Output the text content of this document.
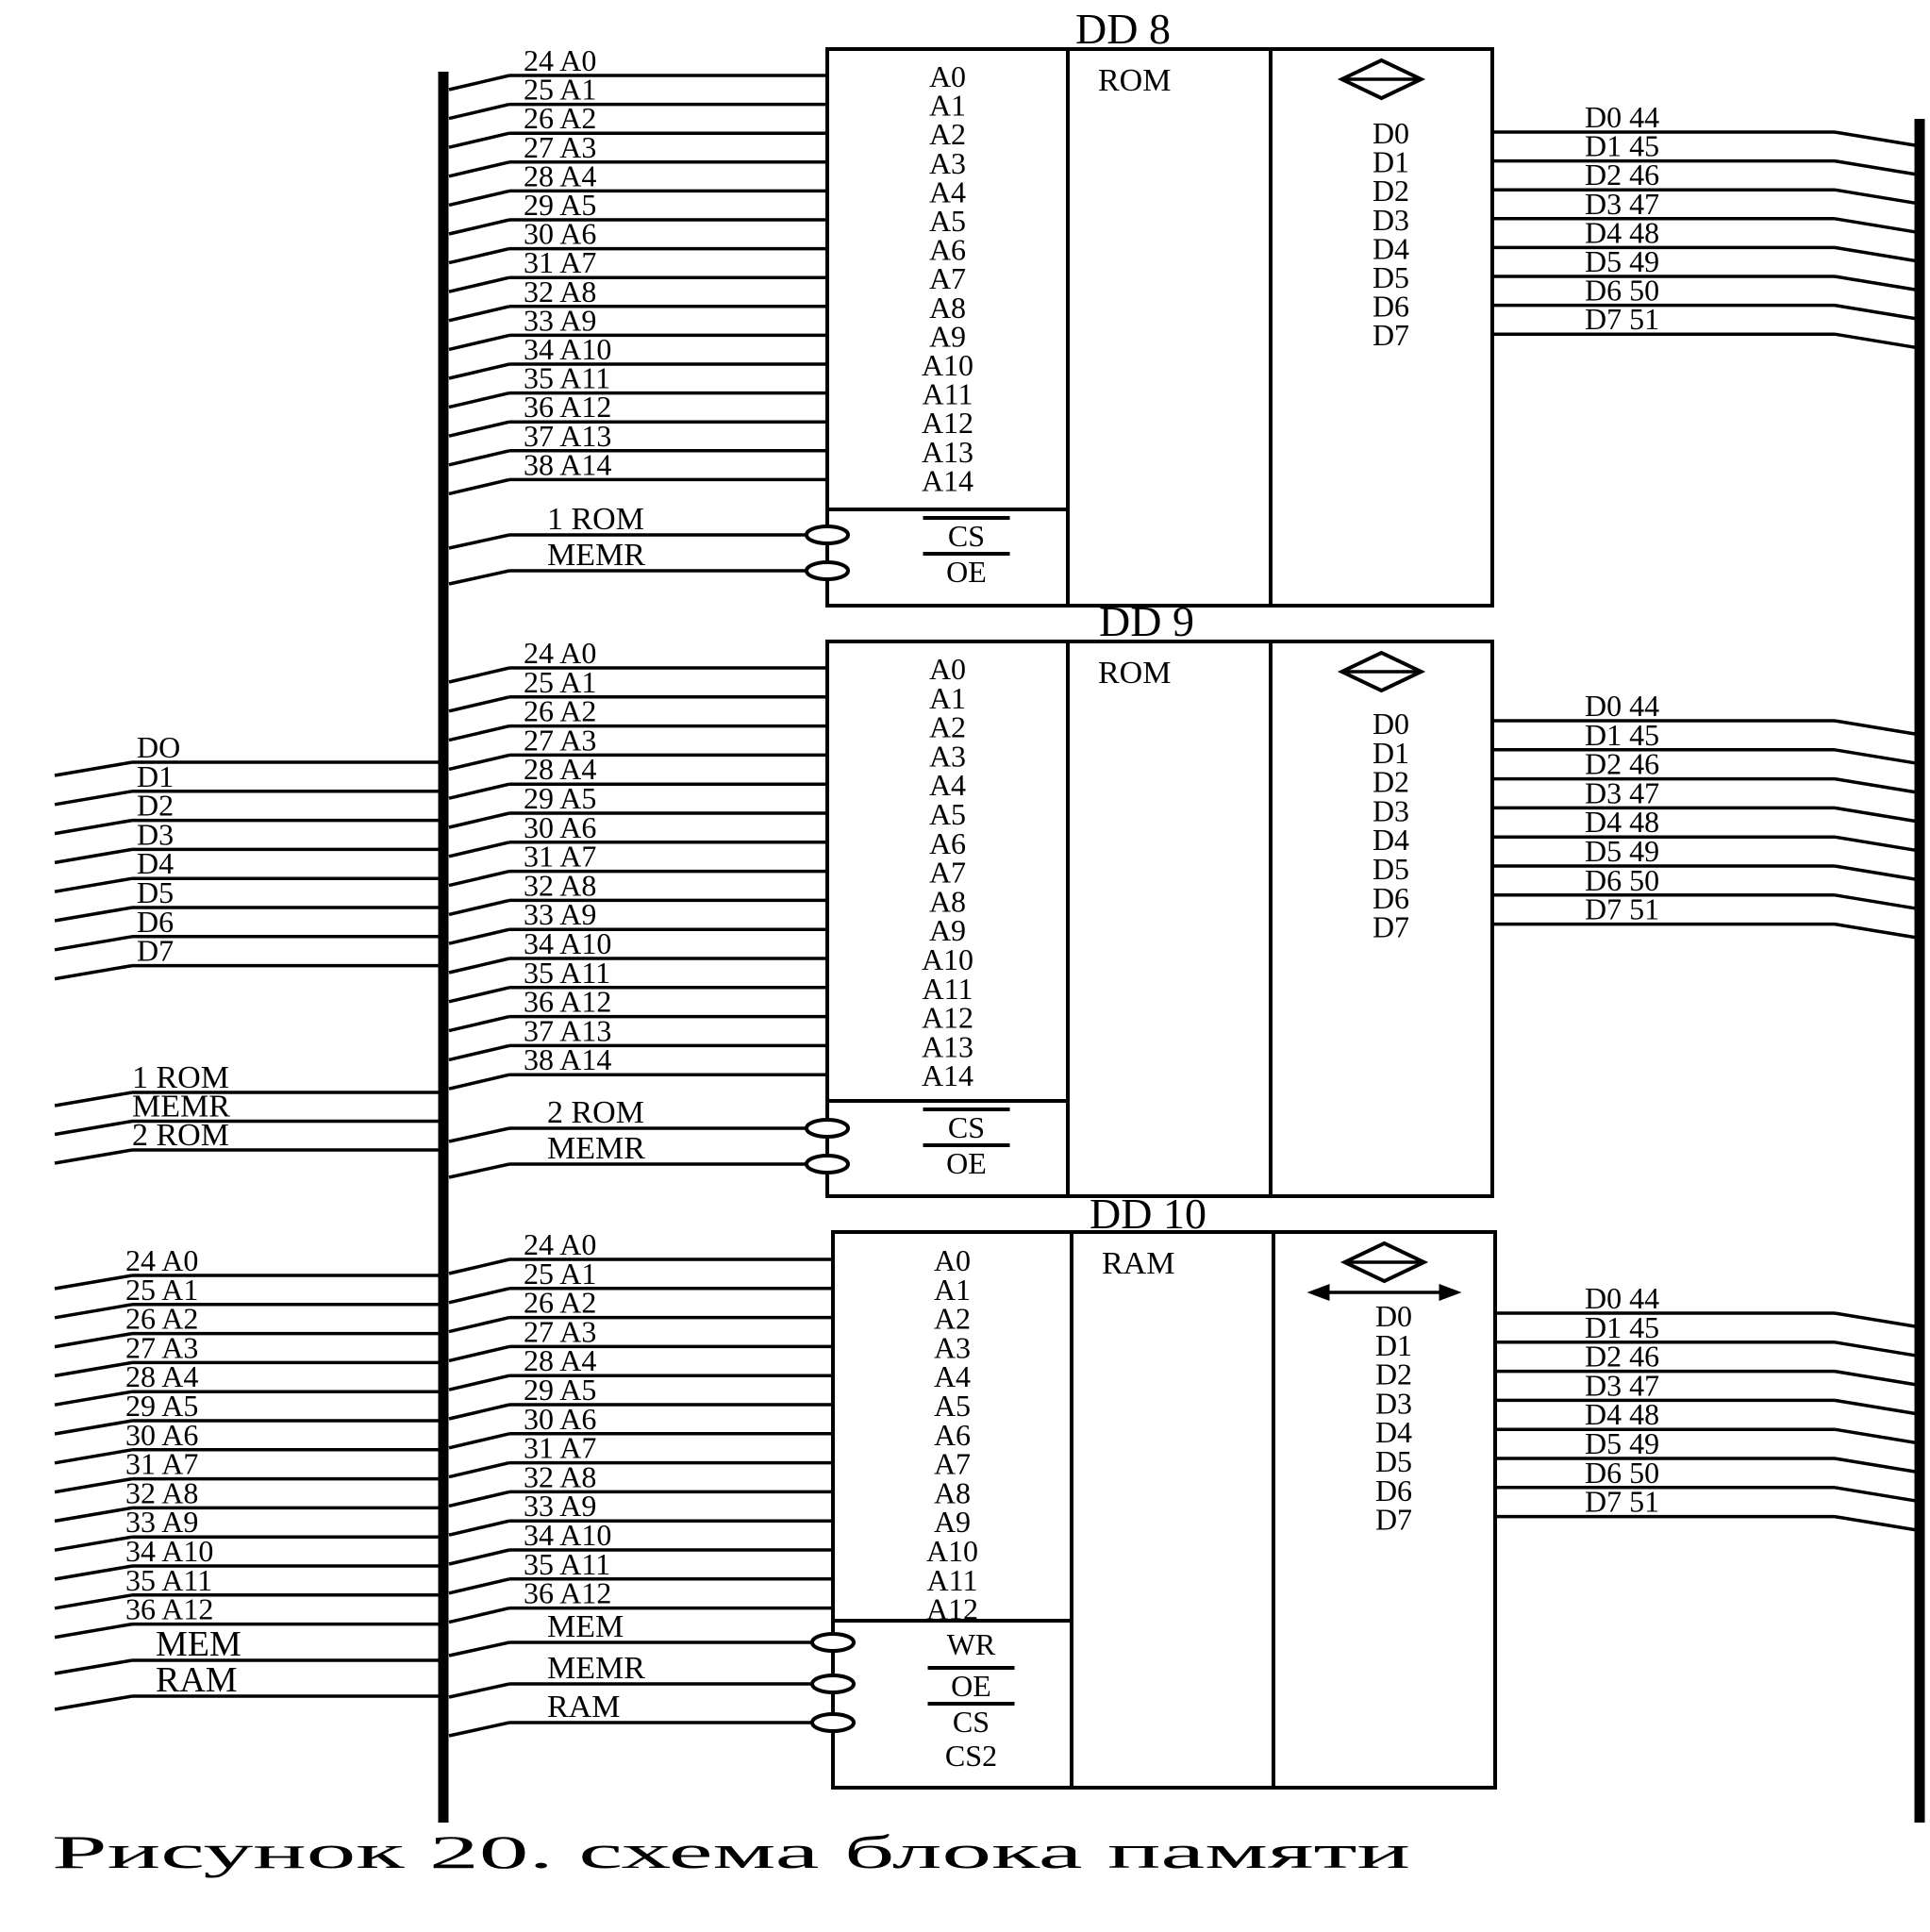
DD 8
ROM
A0
A1
A2
A3
A4
A5
A6
A7
A8
A9
A10
A11
A12
A13
A14
24 A0
25 A1
26 A2
27 A3
28 A4
29 A5
30 A6
31 A7
32 A8
33 A9
34 A10
35 A11
36 A12
37 A13
38 A14
CS
OE
1 ROM
MEMR
D0
D1
D2
D3
D4
D5
D6
D7
D0 44
D1 45
D2 46
D3 47
D4 48
D5 49
D6 50
D7 51
DD 9
ROM
A0
A1
A2
A3
A4
A5
A6
A7
A8
A9
A10
A11
A12
A13
A14
24 A0
25 A1
26 A2
27 A3
28 A4
29 A5
30 A6
31 A7
32 A8
33 A9
34 A10
35 A11
36 A12
37 A13
38 A14
CS
OE
2 ROM
MEMR
D0
D1
D2
D3
D4
D5
D6
D7
D0 44
D1 45
D2 46
D3 47
D4 48
D5 49
D6 50
D7 51
DD 10
RAM
A0
A1
A2
A3
A4
A5
A6
A7
A8
A9
A10
A11
A12
24 A0
25 A1
26 A2
27 A3
28 A4
29 A5
30 A6
31 A7
32 A8
33 A9
34 A10
35 A11
36 A12
WR
OE
CS
CS2
MEM
MEMR
RAM
D0
D1
D2
D3
D4
D5
D6
D7
D0 44
D1 45
D2 46
D3 47
D4 48
D5 49
D6 50
D7 51
DO
D1
D2
D3
D4
D5
D6
D7
1 ROM
MEMR
2 ROM
24 A0
25 A1
26 A2
27 A3
28 A4
29 A5
30 A6
31 A7
32 A8
33 A9
34 A10
35 A11
36 A12
MEM
RAM
Рисунок 20. схема блока памяти
